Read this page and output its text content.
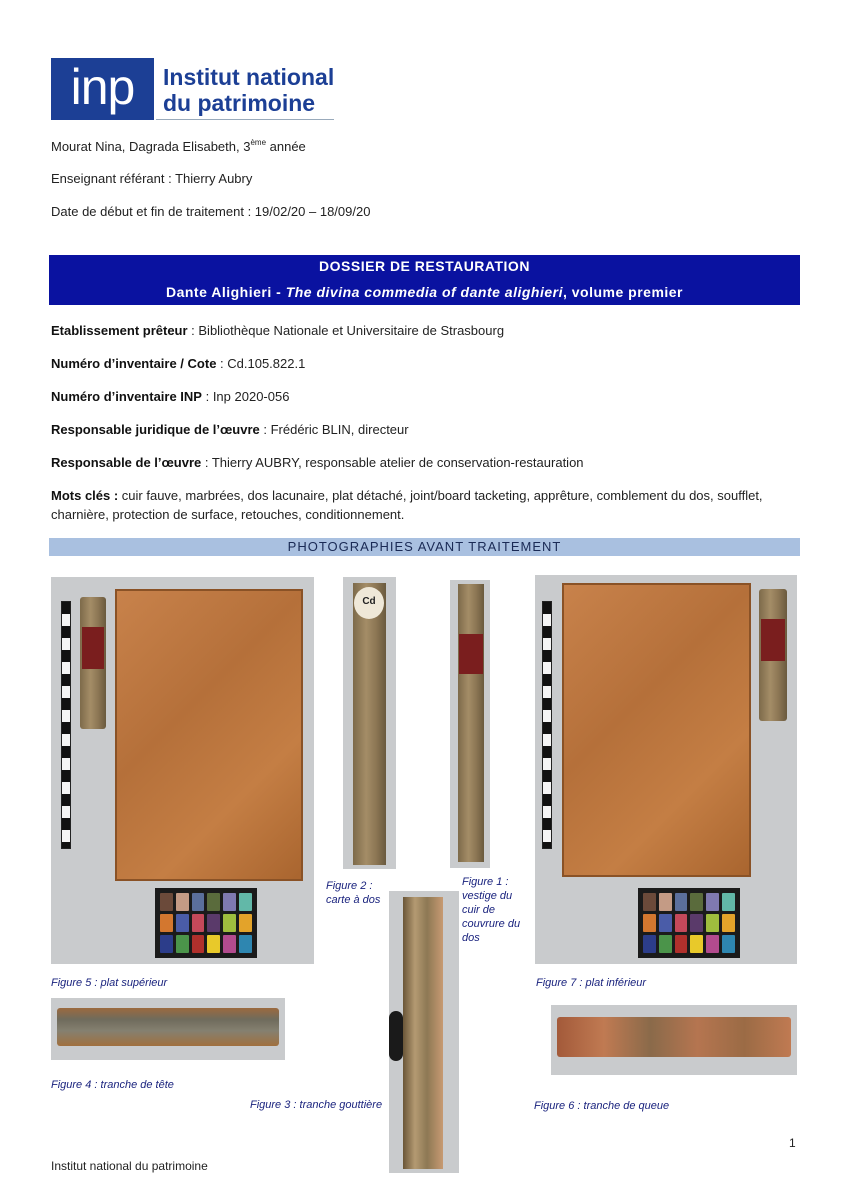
inp	Institut national
du patrimoine
Mourat Nina, Dagrada Elisabeth, 3ème année
Enseignant référant : Thierry Aubry
Date de début et fin de traitement : 19/02/20 – 18/09/20
DOSSIER DE RESTAURATION
Dante Alighieri - The divina commedia of dante alighieri, volume premier
Etablissement prêteur : Bibliothèque Nationale et Universitaire de Strasbourg
Numéro d’inventaire / Cote : Cd.105.822.1
Numéro d’inventaire INP : Inp 2020-056
Responsable juridique de l’œuvre : Frédéric BLIN, directeur
Responsable de l’œuvre : Thierry AUBRY, responsable atelier de conservation-restauration
Mots clés : cuir fauve, marbrées, dos lacunaire, plat détaché, joint/board tacketing, apprêture, comblement du dos, soufflet, charnière, protection de surface, retouches, conditionnement.
PHOTOGRAPHIES AVANT TRAITEMENT
Figure 5 : plat supérieur
Cd
Figure 2 : carte à dos
Figure 1 : vestige du cuir de couvrure du dos
Figure 7 : plat inférieur
Figure 3 : tranche gouttière
Figure 4 : tranche de tête
Figure 6 : tranche de queue
1
Institut national du patrimoine
